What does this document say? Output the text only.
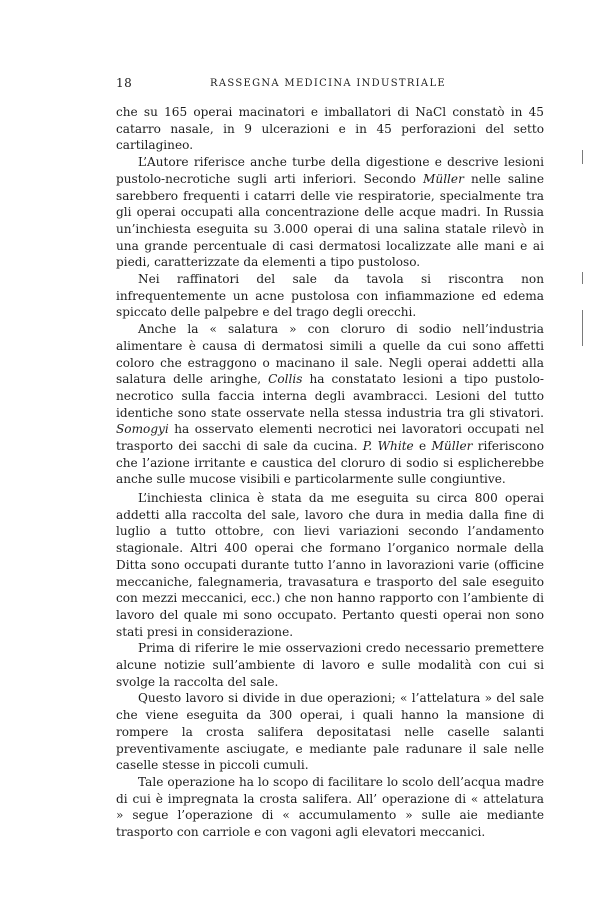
18	RASSEGNA MEDICINA INDUSTRIALE

che su 165 operai macinatori e imballatori di NaCl constatò in 45 catarro nasale, in 9 ulcerazioni e in 45 perforazioni del setto cartilagineo.

L’Autore riferisce anche turbe della digestione e descrive lesioni pustolo-necrotiche sugli arti inferiori. Secondo Müller nelle saline sarebbero frequenti i catarri delle vie respiratorie, specialmente tra gli operai occupati alla concentrazione delle acque madri. In Russia un’inchiesta eseguita su 3.000 operai di una salina statale rilevò in una grande percentuale di casi dermatosi localizzate alle mani e ai piedi, caratterizzate da elementi a tipo pustoloso.

Nei raffinatori del sale da tavola si riscontra non infrequentemente un acne pustolosa con infiammazione ed edema spiccato delle palpebre e del trago degli orecchi.

Anche la « salatura » con cloruro di sodio nell’industria alimentare è causa di dermatosi simili a quelle da cui sono affetti coloro che estraggono o macinano il sale. Negli operai addetti alla salatura delle aringhe, Collis ha constatato lesioni a tipo pustolo-necrotico sulla faccia interna degli avambracci. Lesioni del tutto identiche sono state osservate nella stessa industria tra gli stivatori. Somogyi ha osservato elementi necrotici nei lavoratori occupati nel trasporto dei sacchi di sale da cucina. P. White e Müller riferiscono che l’azione irritante e caustica del cloruro di sodio si esplicherebbe anche sulle mucose visibili e particolarmente sulle congiuntive.

L’inchiesta clinica è stata da me eseguita su circa 800 operai addetti alla raccolta del sale, lavoro che dura in media dalla fine di luglio a tutto ottobre, con lievi variazioni secondo l’andamento stagionale. Altri 400 operai che formano l’organico normale della Ditta sono occupati durante tutto l’anno in lavorazioni varie (officine meccaniche, falegnameria, travasatura e trasporto del sale eseguito con mezzi meccanici, ecc.) che non hanno rapporto con l’ambiente di lavoro del quale mi sono occupato. Pertanto questi operai non sono stati presi in considerazione.

Prima di riferire le mie osservazioni credo necessario premettere alcune notizie sull’ambiente di lavoro e sulle modalità con cui si svolge la raccolta del sale.

Questo lavoro si divide in due operazioni; « l’attelatura » del sale che viene eseguita da 300 operai, i quali hanno la mansione di rompere la crosta salifera depositatasi nelle caselle salanti preventivamente asciugate, e mediante pale radunare il sale nelle caselle stesse in piccoli cumuli.

Tale operazione ha lo scopo di facilitare lo scolo dell’acqua madre di cui è impregnata la crosta salifera. All’ operazione di « attelatura » segue l’operazione di « accumulamento » sulle aie mediante trasporto con carriole e con vagoni agli elevatori meccanici.
